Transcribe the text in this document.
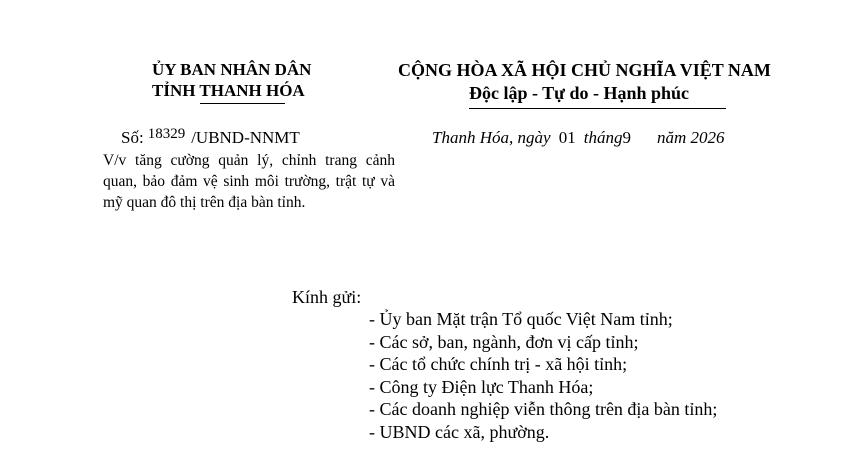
ỦY BAN NHÂN DÂN
TỈNH THANH HÓA
CỘNG HÒA XÃ HỘI CHỦ NGHĨA VIỆT NAM
Độc lập - Tự do - Hạnh phúc
Số: 18329 /UBND-NNMT	Thanh Hóa, ngày 01 tháng9 năm 2026
V/v tăng cường quản lý, chỉnh trang cảnh quan, bảo đảm vệ sinh môi trường, trật tự và mỹ quan đô thị trên địa bàn tỉnh.
Kính gửi:
- Ủy ban Mặt trận Tổ quốc Việt Nam tỉnh;
- Các sở, ban, ngành, đơn vị cấp tỉnh;
- Các tổ chức chính trị - xã hội tỉnh;
- Công ty Điện lực Thanh Hóa;
- Các doanh nghiệp viễn thông trên địa bàn tỉnh;
- UBND các xã, phường.
